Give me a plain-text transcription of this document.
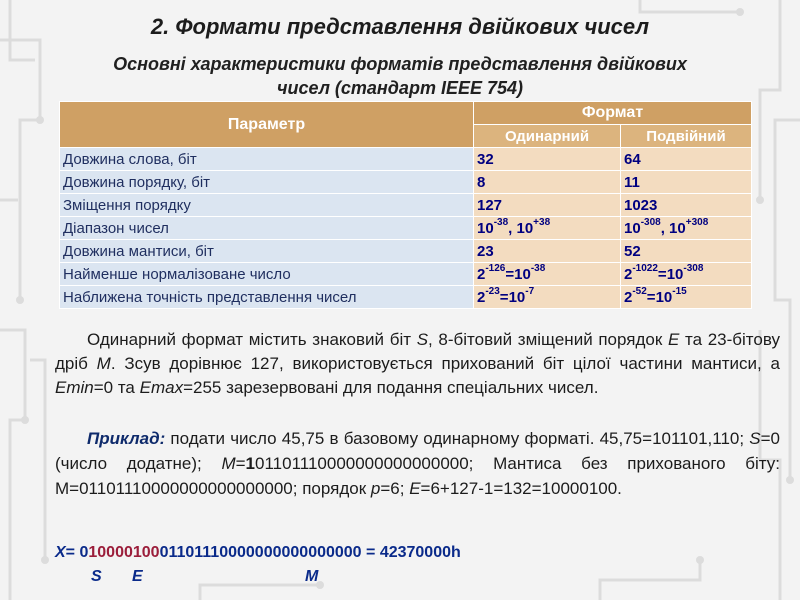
2. Формати представлення двійкових чисел
Основні характеристики форматів представлення двійкових
чисел (стандарт IEEE 754)
Параметр	Формат	
	Одинарний	Подвійний
Довжина слова, біт	32	64
Довжина порядку, біт	8	11
Зміщення порядку	127	1023
Діапазон чисел	$10^{-38}$, $10^{+38}$	$10^{-308}$, $10^{+308}$
Довжина мантиси, біт	23	52
Найменше нормалізоване число	$2^{-126}=10^{-38}$	$2^{-1022}=10^{-308}$
Наближена точність представлення чисел	$2^{-23}=10^{-7}$	$2^{-52}=10^{-15}$
Одинарний формат містить знаковий біт S, 8-бітовий зміщений порядок E та 23-бітову дріб M. Зсув дорівнює 127, використовується прихований біт цілої частини мантиси, а Emin=0 та Emax=255 зарезервовані для подання спеціальних чисел.
Приклад: подати число 45,75 в базовому одинарному форматі. 45,75=101101,110; S=0 (число додатне); M=101101110000000000000000; Мантиса без прихованого біту: М=01101110000000000000000; порядок р=6; E=6+127-1=132=10000100.
X= 01000010001101110000000000000000 = 42370000h
S E	M
